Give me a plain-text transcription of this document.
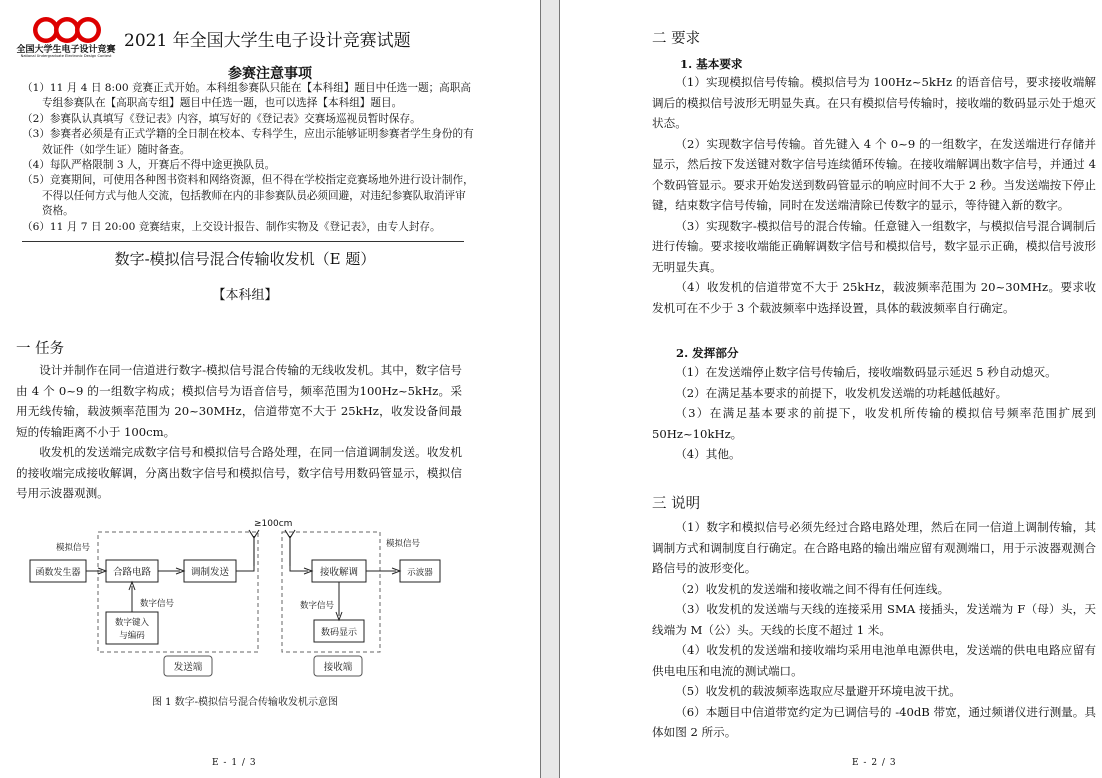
全国大学生电子设计竞赛
National Undergraduate Electronic Design Contest
2021 年全国大学生电子设计竞赛试题
参赛注意事项

（1）11 月 4 日 8:00 竞赛正式开始。本科组参赛队只能在【本科组】题目中任选一题；高职高专组参赛队在【高职高专组】题目中任选一题，也可以选择【本科组】题目。

（2）参赛队认真填写《登记表》内容，填写好的《登记表》交赛场巡视员暂时保存。

（3）参赛者必须是有正式学籍的全日制在校本、专科学生，应出示能够证明参赛者学生身份的有效证件（如学生证）随时备查。

（4）每队严格限制 3 人，开赛后不得中途更换队员。

（5）竞赛期间，可使用各种图书资料和网络资源，但不得在学校指定竞赛场地外进行设计制作，不得以任何方式与他人交流，包括教师在内的非参赛队员必须回避，对违纪参赛队取消评审资格。

（6）11 月 7 日 20:00 竞赛结束，上交设计报告、制作实物及《登记表》，由专人封存。

数字-模拟信号混合传输收发机（E 题）
【本科组】
一 任务

设计并制作在同一信道进行数字-模拟信号混合传输的无线收发机。其中，数字信号由 4 个 0~9 的一组数字构成；模拟信号为语音信号，频率范围为100Hz~5kHz。采用无线传输，载波频率范围为 20~30MHz，信道带宽不大于 25kHz，收发设备间最短的传输距离不小于 100cm。

收发机的发送端完成数字信号和模拟信号合路处理，在同一信道调制发送。收发机的接收端完成接收解调，分离出数字信号和模拟信号，数字信号用数码管显示，模拟信号用示波器观测。

≥100cm
函数发生器	合路电路	调制发送
数字键入
与编码
接收解调	示波器
数码显示
模拟信号
数字信号
模拟信号
数字信号
发送端	接收端
图 1 数字-模拟信号混合传输收发机示意图
E - 1 / 3
二 要求
1. 基本要求

（1）实现模拟信号传输。模拟信号为 100Hz~5kHz 的语音信号，要求接收端解调后的模拟信号波形无明显失真。在只有模拟信号传输时，接收端的数码显示处于熄灭状态。

（2）实现数字信号传输。首先键入 4 个 0~9 的一组数字，在发送端进行存储并显示，然后按下发送键对数字信号连续循环传输。在接收端解调出数字信号，并通过 4 个数码管显示。要求开始发送到数码管显示的响应时间不大于 2 秒。当发送端按下停止键，结束数字信号传输，同时在发送端清除已传数字的显示，等待键入新的数字。

（3）实现数字-模拟信号的混合传输。任意键入一组数字，与模拟信号混合调制后进行传输。要求接收端能正确解调数字信号和模拟信号，数字显示正确，模拟信号波形无明显失真。

（4）收发机的信道带宽不大于 25kHz，载波频率范围为 20~30MHz。要求收发机可在不少于 3 个载波频率中选择设置，具体的载波频率自行确定。

2. 发挥部分

（1）在发送端停止数字信号传输后，接收端数码显示延迟 5 秒自动熄灭。

（2）在满足基本要求的前提下，收发机发送端的功耗越低越好。

（3）在满足基本要求的前提下，收发机所传输的模拟信号频率范围扩展到50Hz~10kHz。

（4）其他。

三 说明

（1）数字和模拟信号必须先经过合路电路处理，然后在同一信道上调制传输，其调制方式和调制度自行确定。在合路电路的输出端应留有观测端口，用于示波器观测合路信号的波形变化。

（2）收发机的发送端和接收端之间不得有任何连线。

（3）收发机的发送端与天线的连接采用 SMA 接插头，发送端为 F（母）头，天线端为 M（公）头。天线的长度不超过 1 米。

（4）收发机的发送端和接收端均采用电池单电源供电，发送端的供电电路应留有供电电压和电流的测试端口。

（5）收发机的载波频率选取应尽量避开环境电波干扰。

（6）本题目中信道带宽约定为已调信号的 -40dB 带宽，通过频谱仪进行测量。具体如图 2 所示。

E - 2 / 3
